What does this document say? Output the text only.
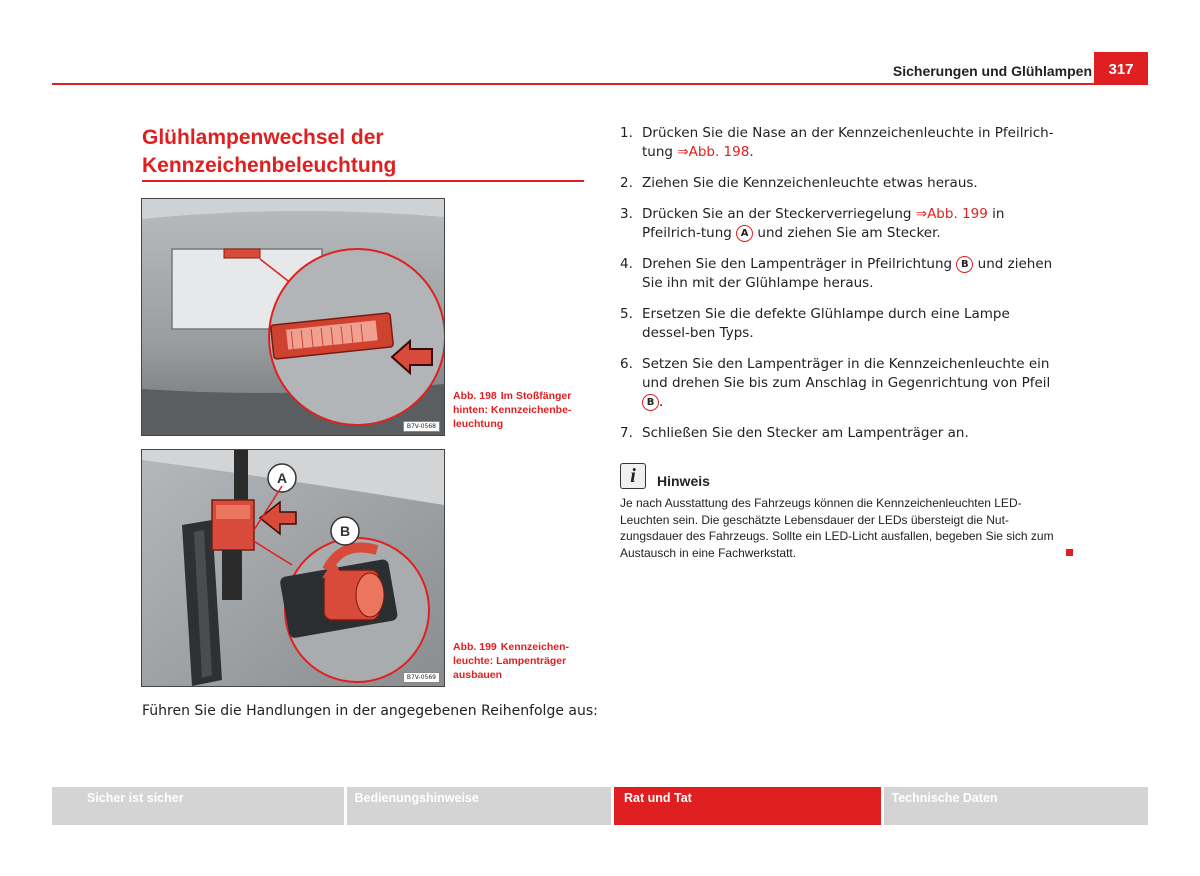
Sicherungen und Glühlampen	317
Glühlampenwechsel der
Kennzeichenbeleuchtung
B7V-0568
Abb. 198 Im Stoßfänger hinten: Kennzeichenbe-leuchtung
A
B
B7V-0569
Abb. 199 Kennzeichen-leuchte: Lampenträger ausbauen
Führen Sie die Handlungen in der angegebenen Reihenfolge aus:
1. Drücken Sie die Nase an der Kennzeichenleuchte in Pfeilrich-tung ⇒Abb. 198.
2. Ziehen Sie die Kennzeichenleuchte etwas heraus.
3. Drücken Sie an der Steckerverriegelung ⇒Abb. 199 in Pfeilrich-tung A und ziehen Sie am Stecker.
4. Drehen Sie den Lampenträger in Pfeilrichtung B und ziehen Sie ihn mit der Glühlampe heraus.
5. Ersetzen Sie die defekte Glühlampe durch eine Lampe dessel-ben Typs.
6. Setzen Sie den Lampenträger in die Kennzeichenleuchte ein und drehen Sie bis zum Anschlag in Gegenrichtung von Pfeil B .
7. Schließen Sie den Stecker am Lampenträger an.
i	Hinweis
Je nach Ausstattung des Fahrzeugs können die Kennzeichenleuchten LED-Leuchten sein. Die geschätzte Lebensdauer der LEDs übersteigt die Nut-zungsdauer des Fahrzeugs. Sollte ein LED-Licht ausfallen, begeben Sie sich zum Austausch in eine Fachwerkstatt.
Sicher ist sicher	Bedienungshinweise	Rat und Tat	Technische Daten
